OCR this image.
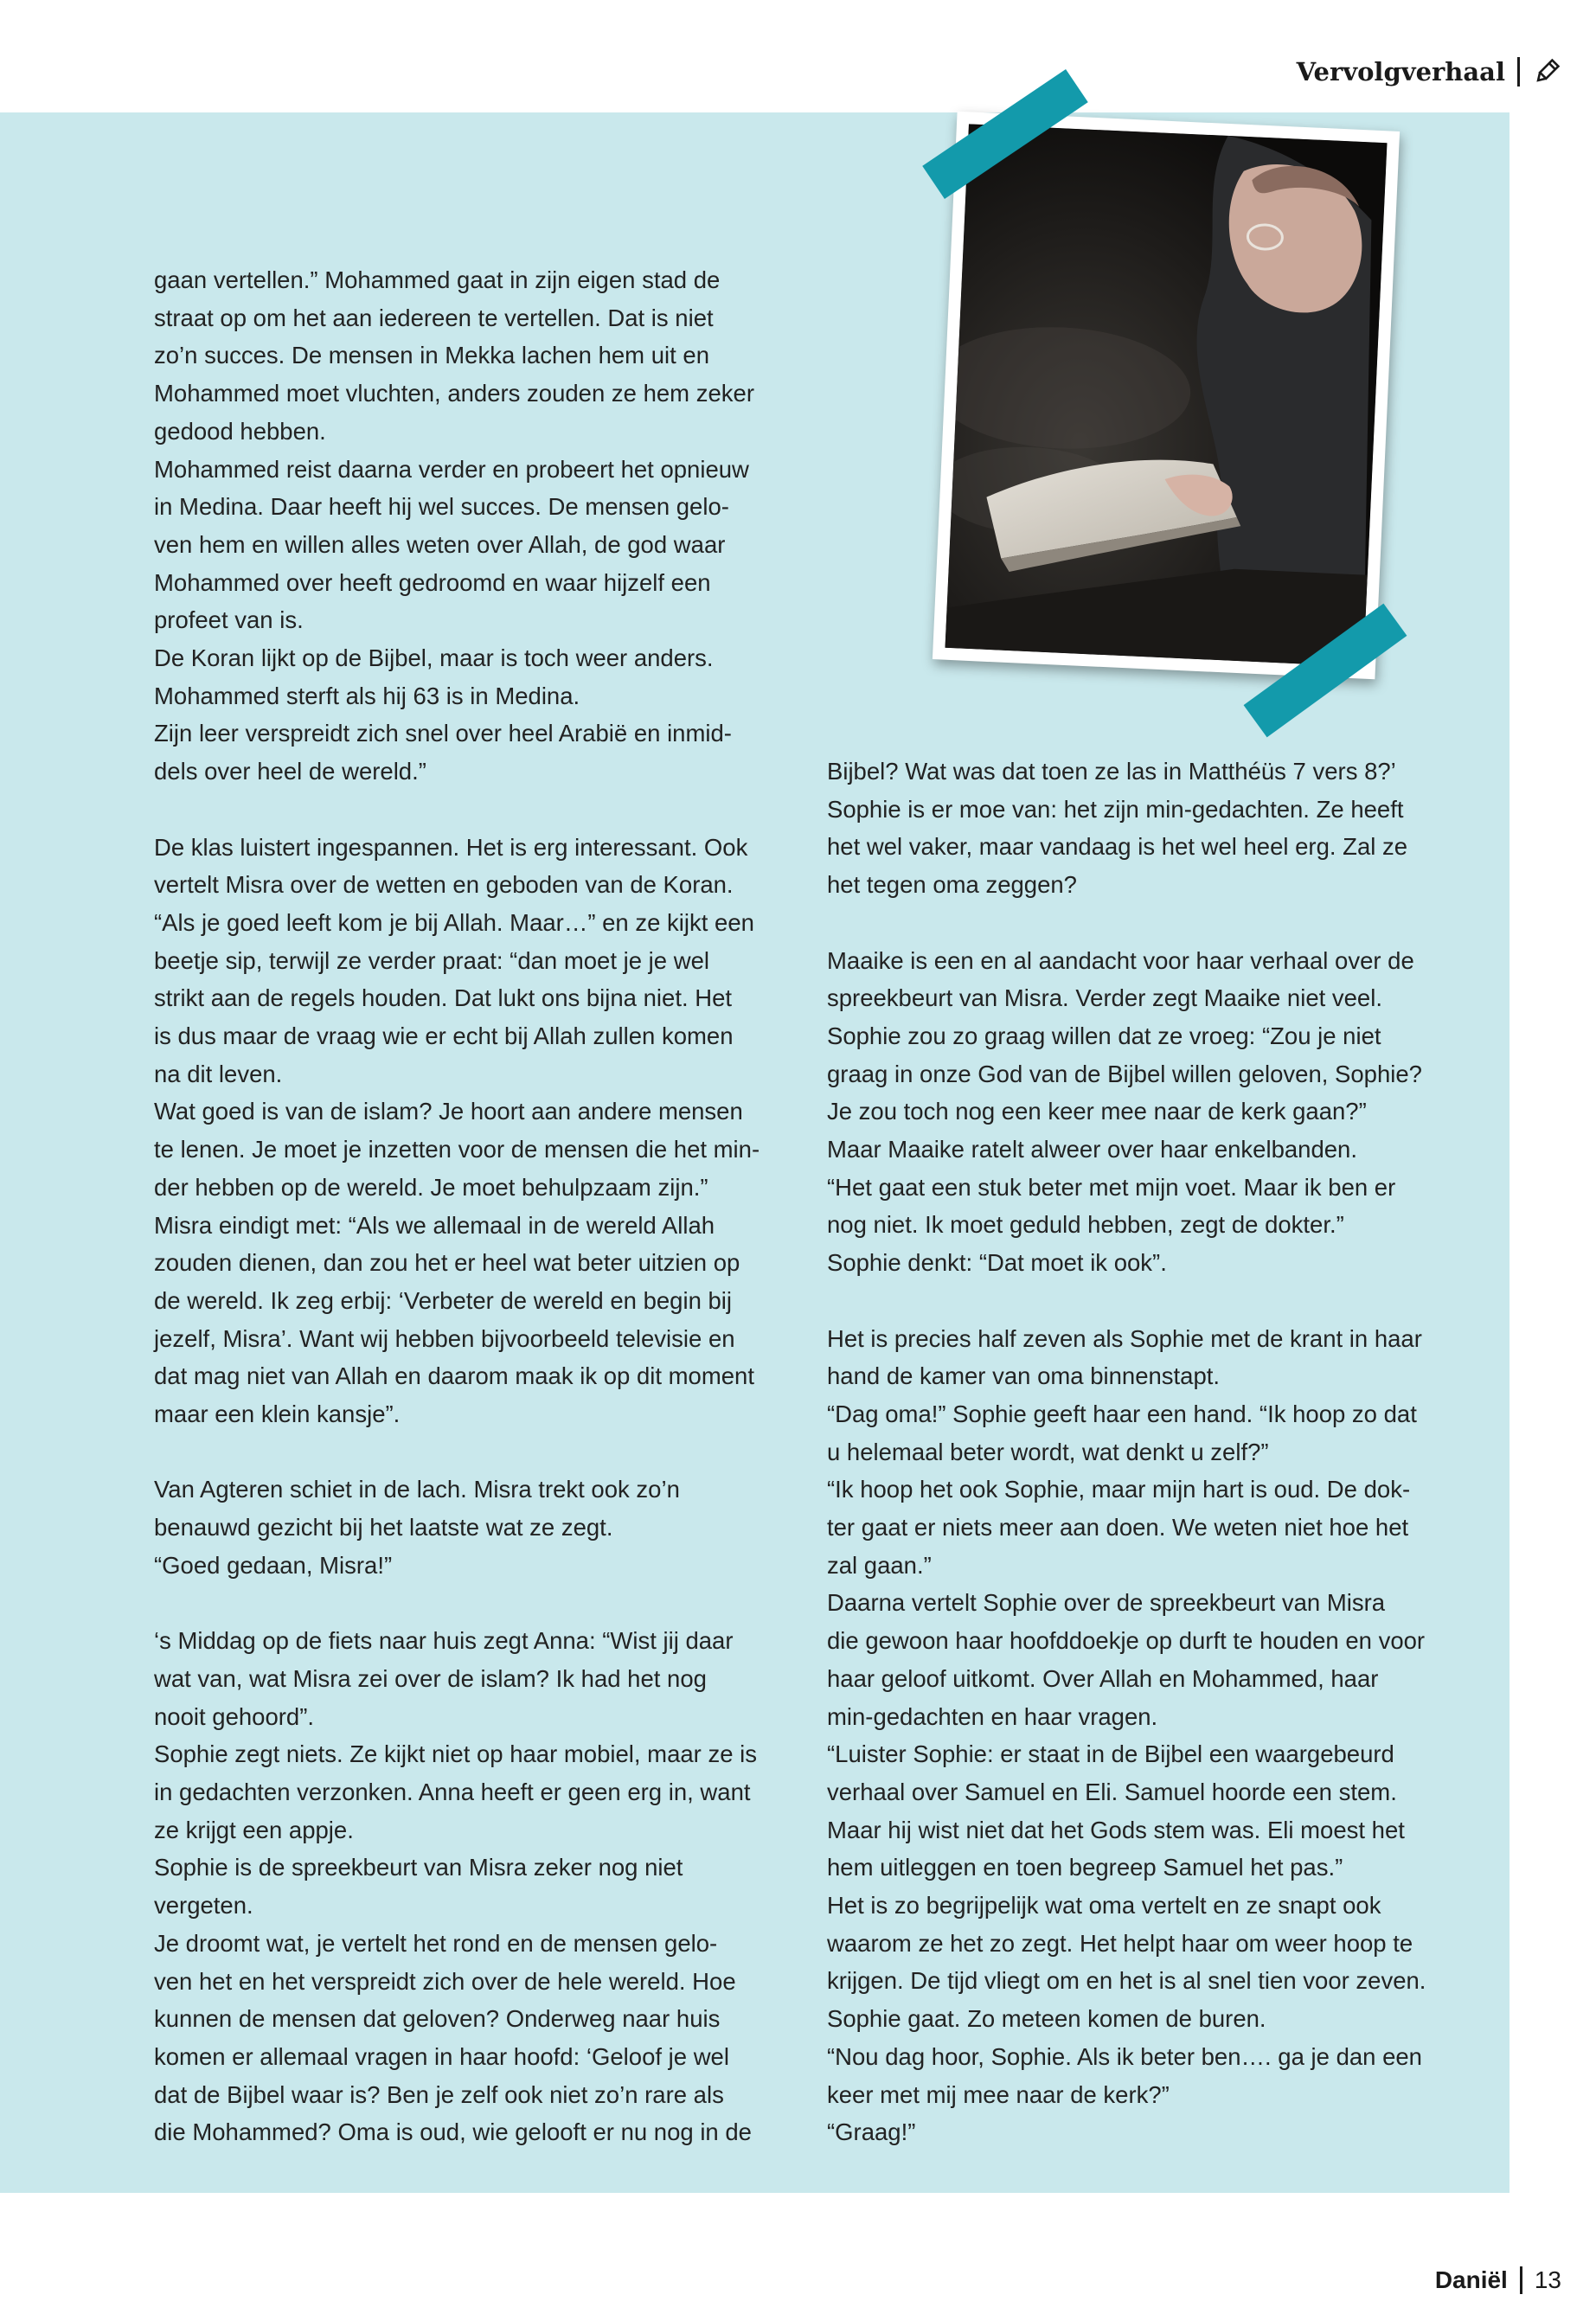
Vervolgverhaal

gaan vertellen.” Mohammed gaat in zijn eigen stad de

straat op om het aan iedereen te vertellen. Dat is niet

zo’n succes. De mensen in Mekka lachen hem uit en

Mohammed moet vluchten, anders zouden ze hem zeker

gedood hebben.

Mohammed reist daarna verder en probeert het opnieuw

in Medina. Daar heeft hij wel succes. De mensen gelo-

ven hem en willen alles weten over Allah, de god waar

Mohammed over heeft gedroomd en waar hijzelf een

profeet van is.

De Koran lijkt op de Bijbel, maar is toch weer anders.

Mohammed sterft als hij 63 is in Medina.

Zijn leer verspreidt zich snel over heel Arabië en inmid-

dels over heel de wereld.”

De klas luistert ingespannen. Het is erg interessant. Ook

vertelt Misra over de wetten en geboden van de Koran.

“Als je goed leeft kom je bij Allah. Maar…” en ze kijkt een

beetje sip, terwijl ze verder praat: “dan moet je je wel

strikt aan de regels houden. Dat lukt ons bijna niet. Het

is dus maar de vraag wie er echt bij Allah zullen komen

na dit leven.

Wat goed is van de islam? Je hoort aan andere mensen

te lenen. Je moet je inzetten voor de mensen die het min-

der hebben op de wereld. Je moet behulpzaam zijn.”

Misra eindigt met: “Als we allemaal in de wereld Allah

zouden dienen, dan zou het er heel wat beter uitzien op

de wereld. Ik zeg erbij: ‘Verbeter de wereld en begin bij

jezelf, Misra’. Want wij hebben bijvoorbeeld televisie en

dat mag niet van Allah en daarom maak ik op dit moment

maar een klein kansje”.

Van Agteren schiet in de lach. Misra trekt ook zo’n

benauwd gezicht bij het laatste wat ze zegt.

“Goed gedaan, Misra!”

‘s Middag op de fiets naar huis zegt Anna: “Wist jij daar

wat van, wat Misra zei over de islam? Ik had het nog

nooit gehoord”.

Sophie zegt niets. Ze kijkt niet op haar mobiel, maar ze is

in gedachten verzonken. Anna heeft er geen erg in, want

ze krijgt een appje.

Sophie is de spreekbeurt van Misra zeker nog niet

vergeten.

Je droomt wat, je vertelt het rond en de mensen gelo-

ven het en het verspreidt zich over de hele wereld. Hoe

kunnen de mensen dat geloven? Onderweg naar huis

komen er allemaal vragen in haar hoofd: ‘Geloof je wel

dat de Bijbel waar is? Ben je zelf ook niet zo’n rare als

die Mohammed? Oma is oud, wie gelooft er nu nog in de

Bijbel? Wat was dat toen ze las in Matthéüs 7 vers 8?’

Sophie is er moe van: het zijn min-gedachten. Ze heeft

het wel vaker, maar vandaag is het wel heel erg. Zal ze

het tegen oma zeggen?

Maaike is een en al aandacht voor haar verhaal over de

spreekbeurt van Misra. Verder zegt Maaike niet veel.

Sophie zou zo graag willen dat ze vroeg: “Zou je niet

graag in onze God van de Bijbel willen geloven, Sophie?

Je zou toch nog een keer mee naar de kerk gaan?”

Maar Maaike ratelt alweer over haar enkelbanden.

“Het gaat een stuk beter met mijn voet. Maar ik ben er

nog niet. Ik moet geduld hebben, zegt de dokter.”

Sophie denkt: “Dat moet ik ook”.

Het is precies half zeven als Sophie met de krant in haar

hand de kamer van oma binnenstapt.

“Dag oma!” Sophie geeft haar een hand. “Ik hoop zo dat

u helemaal beter wordt, wat denkt u zelf?”

“Ik hoop het ook Sophie, maar mijn hart is oud. De dok-

ter gaat er niets meer aan doen. We weten niet hoe het

zal gaan.”

Daarna vertelt Sophie over de spreekbeurt van Misra

die gewoon haar hoofddoekje op durft te houden en voor

haar geloof uitkomt. Over Allah en Mohammed, haar

min-gedachten en haar vragen.

“Luister Sophie: er staat in de Bijbel een waargebeurd

verhaal over Samuel en Eli. Samuel hoorde een stem.

Maar hij wist niet dat het Gods stem was. Eli moest het

hem uitleggen en toen begreep Samuel het pas.”

Het is zo begrijpelijk wat oma vertelt en ze snapt ook

waarom ze het zo zegt. Het helpt haar om weer hoop te

krijgen. De tijd vliegt om en het is al snel tien voor zeven.

Sophie gaat. Zo meteen komen de buren.

“Nou dag hoor, Sophie. Als ik beter ben…. ga je dan een

keer met mij mee naar de kerk?”

“Graag!”

Daniël 13
